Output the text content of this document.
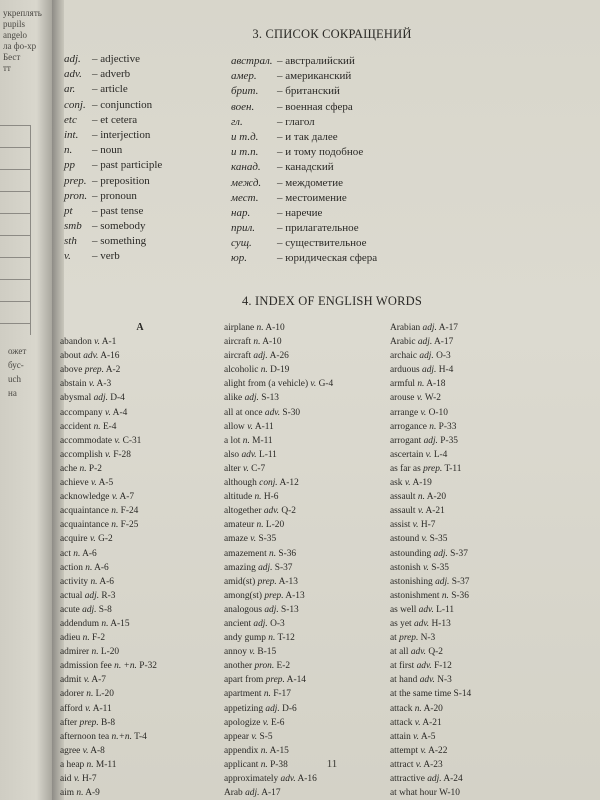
укреплять
pupils
angelo
ла фо-хр
Бест
тт
ожет
бус-
uch
на
3. СПИСОК СОКРАЩЕНИЙ
adj. – adjective
adv. – adverb
ar. – article
conj. – conjunction
etc – et cetera
int. – interjection
n. – noun
pp – past participle
prep. – preposition
pron. – pronoun
pt – past tense
smb – somebody
sth – something
v. – verb
австрал. – австралийский
амер. – американский
брит. – британский
воен. – военная сфера
гл.	– глагол
и т.д. – и так далее
и т.п. – и тому подобное
канад. – канадский
межд. – междометие
мест. – местоимение
нар. – наречие
прил. – прилагательное
сущ. – существительное
юр.	– юридическая сфера
4. INDEX OF ENGLISH WORDS
A
abandon v. A-1
about adv. A-16
above prep. A-2
abstain v. A-3
abysmal adj. D-4
accompany v. A-4
accident n. E-4
accommodate v. C-31
accomplish v. F-28
ache n. P-2
achieve v. A-5
acknowledge v. A-7
acquaintance n. F-24
acquaintance n. F-25
acquire v. G-2
act n. A-6
action n. A-6
activity n. A-6
actual adj. R-3
acute adj. S-8
addendum n. A-15
adieu n. F-2
admirer n. L-20
admission fee n. +n. P-32
admit v. A-7
adorer n. L-20
afford v. A-11
after prep. B-8
afternoon tea n.+n. T-4
agree v. A-8
a heap n. M-11
aid v. H-7
aim n. A-9
airplane n. A-10
aircraft n. A-10
aircraft adj. A-26
alcoholic n. D-19
alight from (a vehicle) v. G-4
alike adj. S-13
all at once adv. S-30
allow v. A-11
a lot n. M-11
also adv. L-11
alter v. C-7
although conj. A-12
altitude n. H-6
altogether adv. Q-2
amateur n. L-20
amaze v. S-35
amazement n. S-36
amazing adj. S-37
amid(st) prep. A-13
among(st) prep. A-13
analogous adj. S-13
ancient adj. O-3
andy gump n. T-12
annoy v. B-15
another pron. E-2
apart from prep. A-14
apartment n. F-17
appetizing adj. D-6
apologize v. E-6
appear v. S-5
appendix n. A-15
applicant n. P-38
approximately adv. A-16
Arab adj. A-17
Arabian adj. A-17
Arabic adj. A-17
archaic adj. O-3
arduous adj. H-4
armful n. A-18
arouse v. W-2
arrange v. O-10
arrogance n. P-33
arrogant adj. P-35
ascertain v. L-4
as far as prep. T-11
ask v. A-19
assault n. A-20
assault v. A-21
assist v. H-7
astound v. S-35
astounding adj. S-37
astonish v. S-35
astonishing adj. S-37
astonishment n. S-36
as well adv. L-11
as yet adv. H-13
at prep. N-3
at all adv. Q-2
at first adv. F-12
at hand adv. N-3
at the same time S-14
attack n. A-20
attack v. A-21
attain v. A-5
attempt v. A-22
attract v. A-23
attractive adj. A-24
at what hour W-10
11
